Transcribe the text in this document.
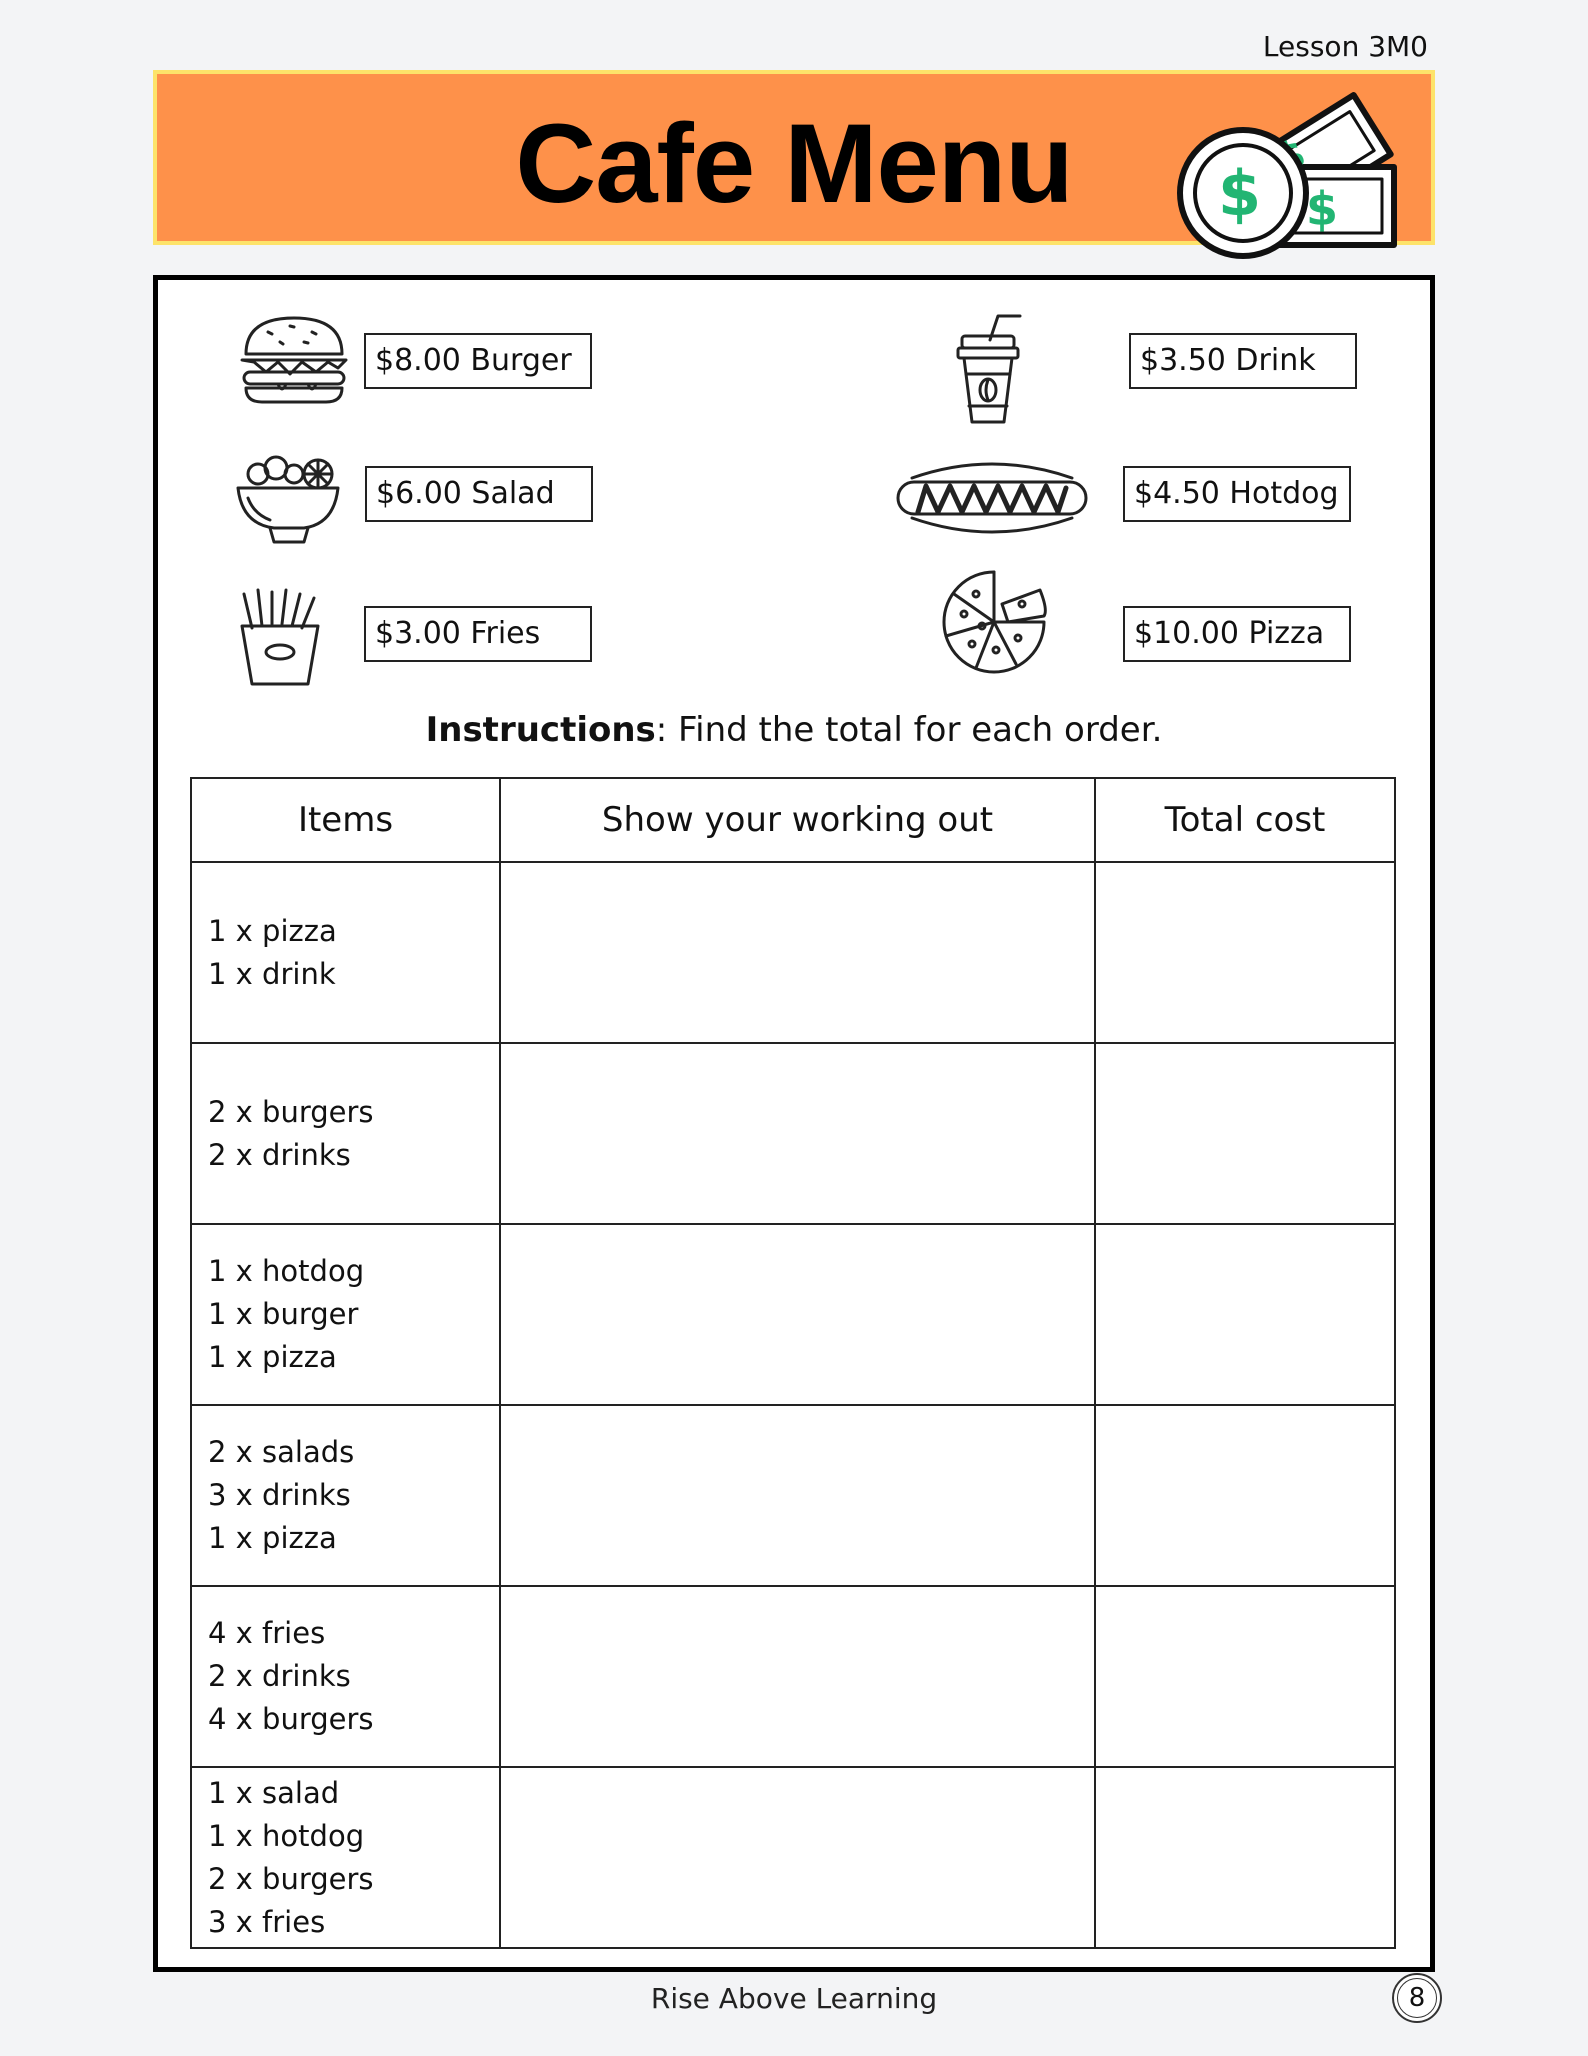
Lesson 3M0
Cafe Menu	$
$
$8.00 Burger	$3.50 Drink
$6.00 Salad	$4.50 Hotdog
$3.00 Fries	$10.00 Pizza
Instructions: Find the total for each order.
Items	Show your working out	Total cost

1 x pizza
1 x drink		

2 x burgers
2 x drinks		

1 x hotdog
1 x burger
1 x pizza		

2 x salads
3 x drinks
1 x pizza		

4 x fries
2 x drinks
4 x burgers		

1 x salad
1 x hotdog
2 x burgers
3 x fries		

Rise Above Learning	8
